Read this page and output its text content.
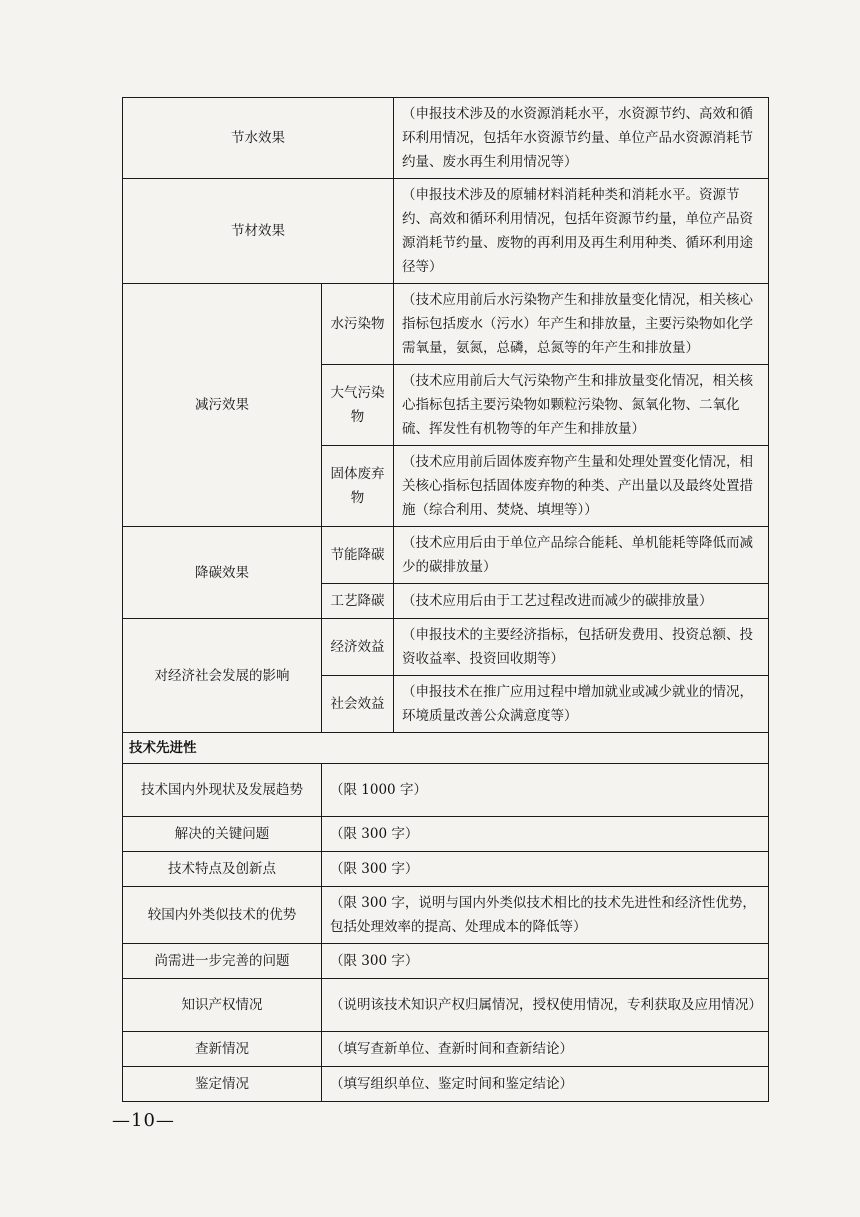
节水效果		（申报技术涉及的水资源消耗水平，水资源节约、高效和循环利用情况，包括年水资源节约量、单位产品水资源消耗节约量、废水再生利用情况等）
节材效果		（申报技术涉及的原辅材料消耗种类和消耗水平。资源节约、高效和循环利用情况，包括年资源节约量，单位产品资源消耗节约量、废物的再利用及再生利用种类、循环利用途径等）
减污效果	水污染物	（技术应用前后水污染物产生和排放量变化情况，相关核心指标包括废水（污水）年产生和排放量，主要污染物如化学需氧量，氨氮，总磷，总氮等的年产生和排放量）
	大气污染物	（技术应用前后大气污染物产生和排放量变化情况，相关核心指标包括主要污染物如颗粒污染物、氮氧化物、二氧化硫、挥发性有机物等的年产生和排放量）
	固体废弃物	（技术应用前后固体废弃物产生量和处理处置变化情况，相关核心指标包括固体废弃物的种类、产出量以及最终处置措施（综合利用、焚烧、填埋等））
降碳效果	节能降碳	（技术应用后由于单位产品综合能耗、单机能耗等降低而减少的碳排放量）
	工艺降碳	（技术应用后由于工艺过程改进而减少的碳排放量）
对经济社会发展的影响	经济效益	（申报技术的主要经济指标，包括研发费用、投资总额、投资收益率、投资回收期等）
	社会效益	（申报技术在推广应用过程中增加就业或减少就业的情况，环境质量改善公众满意度等）
技术先进性		
技术国内外现状及发展趋势	（限 1000 字）	
解决的关键问题	（限 300 字）	
技术特点及创新点	（限 300 字）	
较国内外类似技术的优势	（限 300 字，说明与国内外类似技术相比的技术先进性和经济性优势，包括处理效率的提高、处理成本的降低等）	
尚需进一步完善的问题	（限 300 字）	
知识产权情况	（说明该技术知识产权归属情况，授权使用情况，专利获取及应用情况）	
查新情况	（填写查新单位、查新时间和查新结论）	
鉴定情况	（填写组织单位、鉴定时间和鉴定结论）	
—10—
